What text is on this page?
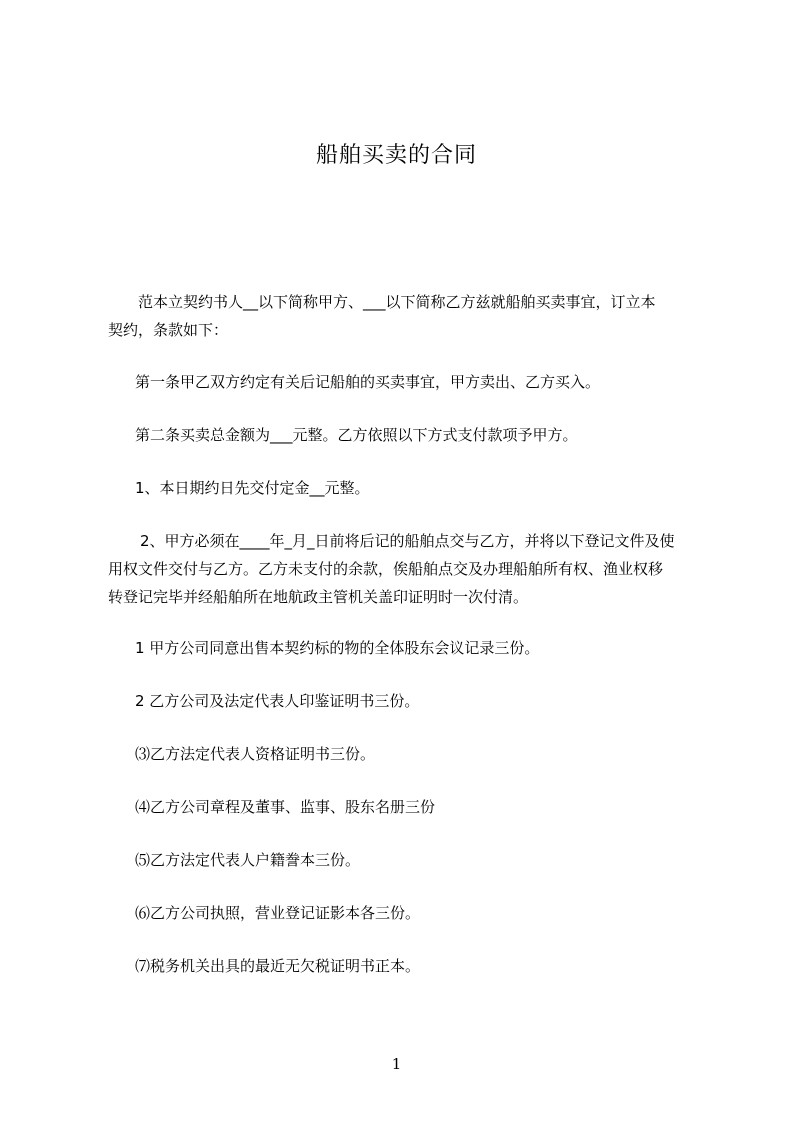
船舶买卖的合同
范本立契约书人__以下简称甲方、___以下简称乙方兹就船舶买卖事宜，订立本
契约，条款如下：
第一条甲乙双方约定有关后记船舶的买卖事宜，甲方卖出、乙方买入。
第二条买卖总金额为___元整。乙方依照以下方式支付款项予甲方。
1、本日期约日先交付定金__元整。
2、甲方必须在____年_月_日前将后记的船舶点交与乙方，并将以下登记文件及使
用权文件交付与乙方。乙方未支付的余款，俟船舶点交及办理船舶所有权、渔业权移
转登记完毕并经船舶所在地航政主管机关盖印证明时一次付清。
1 甲方公司同意出售本契约标的物的全体股东会议记录三份。
2 乙方公司及法定代表人印鉴证明书三份。
⑶乙方法定代表人资格证明书三份。
⑷乙方公司章程及董事、监事、股东名册三份
⑸乙方法定代表人户籍誊本三份。
⑹乙方公司执照，营业登记证影本各三份。
⑺税务机关出具的最近无欠税证明书正本。
1
